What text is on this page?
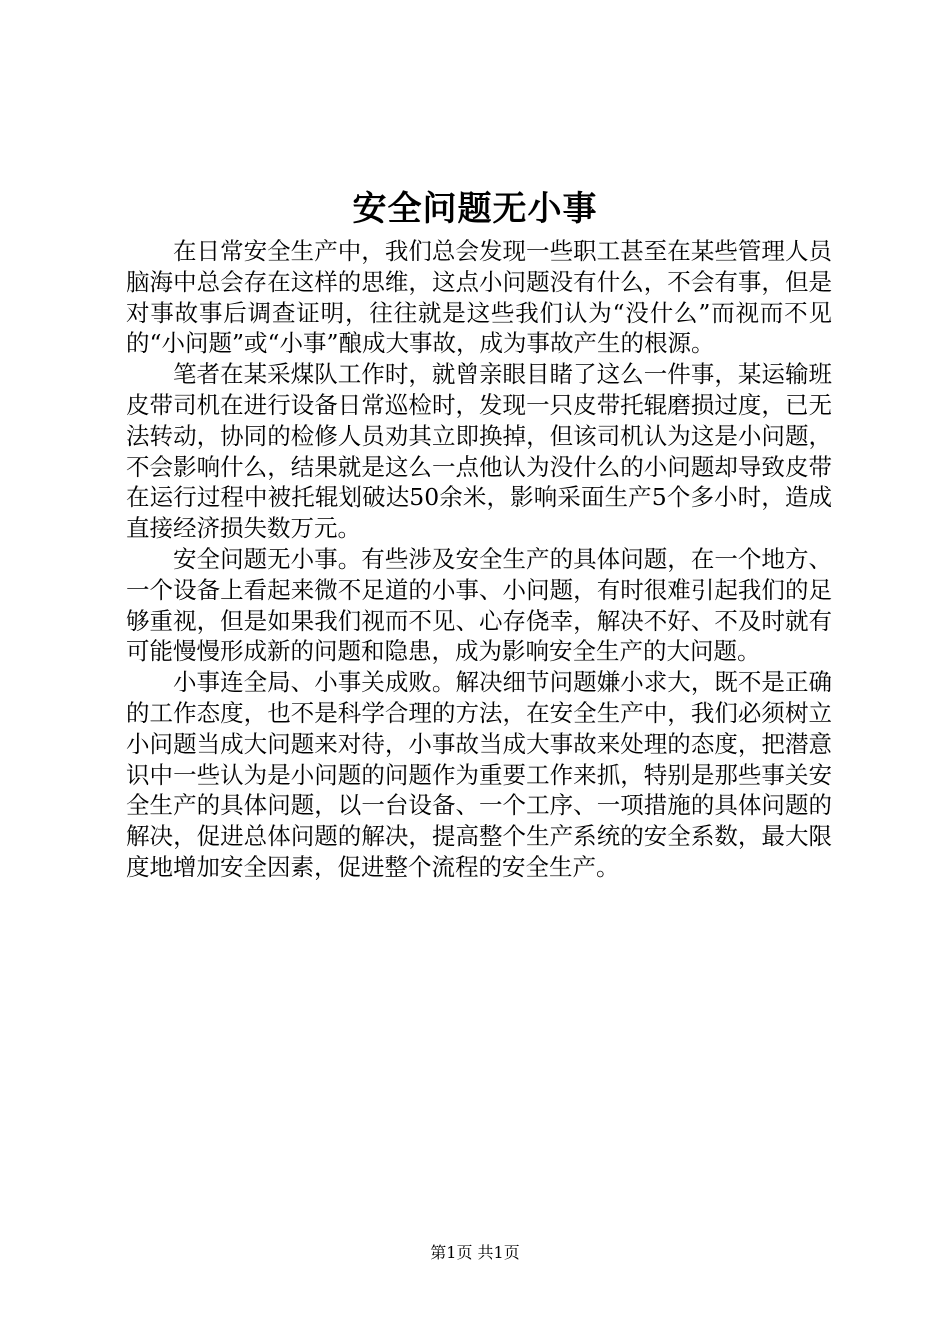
安全问题无小事

在日常安全生产中，我们总会发现一些职工甚至在某些管理人员脑海中总会存在这样的思维，这点小问题没有什么，不会有事，但是对事故事后调查证明，往往就是这些我们认为“没什么”而视而不见的“小问题”或“小事”酿成大事故，成为事故产生的根源。

笔者在某采煤队工作时，就曾亲眼目睹了这么一件事，某运输班皮带司机在进行设备日常巡检时，发现一只皮带托辊磨损过度，已无法转动，协同的检修人员劝其立即换掉，但该司机认为这是小问题，不会影响什么，结果就是这么一点他认为没什么的小问题却导致皮带在运行过程中被托辊划破达50余米，影响采面生产5个多小时，造成直接经济损失数万元。

安全问题无小事。有些涉及安全生产的具体问题，在一个地方、一个设备上看起来微不足道的小事、小问题，有时很难引起我们的足够重视，但是如果我们视而不见、心存侥幸，解决不好、不及时就有可能慢慢形成新的问题和隐患，成为影响安全生产的大问题。

小事连全局、小事关成败。解决细节问题嫌小求大，既不是正确的工作态度，也不是科学合理的方法，在安全生产中，我们必须树立小问题当成大问题来对待，小事故当成大事故来处理的态度，把潜意识中一些认为是小问题的问题作为重要工作来抓，特别是那些事关安全生产的具体问题，以一台设备、一个工序、一项措施的具体问题的解决，促进总体问题的解决，提高整个生产系统的安全系数，最大限度地增加安全因素，促进整个流程的安全生产。

第1页 共1页
